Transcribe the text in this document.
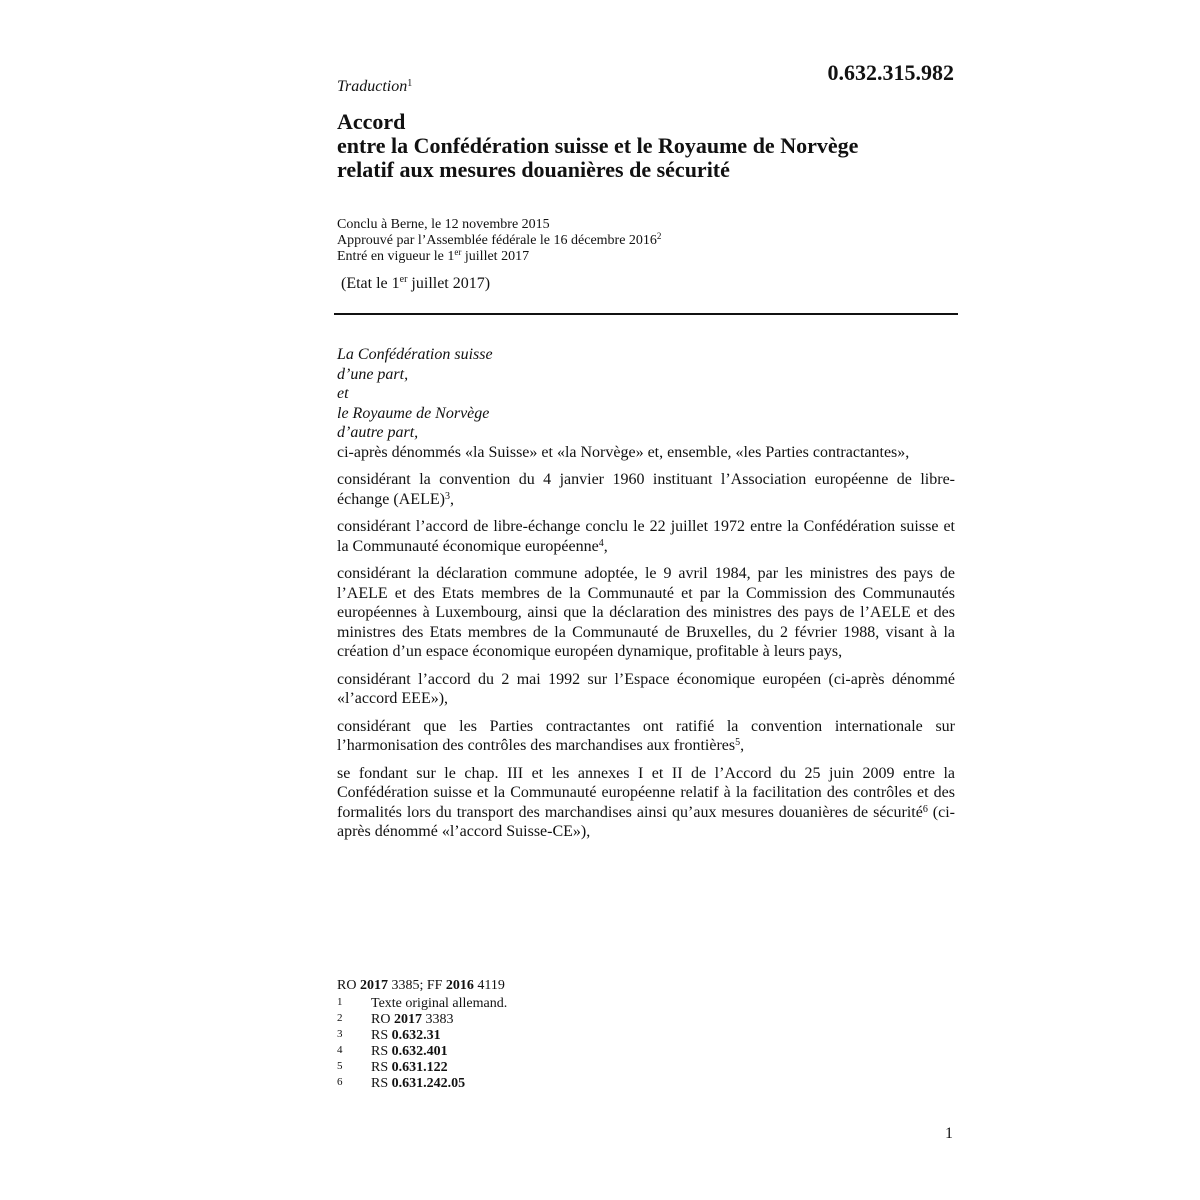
Traduction$^1$	0.632.315.982
Accord
entre la Confédération suisse et le Royaume de Norvège
relatif aux mesures douanières de sécurité
Conclu à Berne, le 12 novembre 2015
Approuvé par l’Assemblée fédérale le 16 décembre 2016$^2$
Entré en vigueur le 1er juillet 2017
(Etat le 1er juillet 2017)
La Confédération suisse
d’une part,
et
le Royaume de Norvège
d’autre part,

ci-après dénommés «la Suisse» et «la Norvège» et, ensemble, «les Parties contractantes»,

considérant la convention du 4 janvier 1960 instituant l’Association européenne de libre-échange (AELE)$^3$,

considérant l’accord de libre-échange conclu le 22 juillet 1972 entre la Confédération suisse et la Communauté économique européenne$^4$,

considérant la déclaration commune adoptée, le 9 avril 1984, par les ministres des pays de l’AELE et des Etats membres de la Communauté et par la Commission des Communautés européennes à Luxembourg, ainsi que la déclaration des ministres des pays de l’AELE et des ministres des Etats membres de la Communauté de Bruxelles, du 2 février 1988, visant à la création d’un espace économique européen dynamique, profitable à leurs pays,

considérant l’accord du 2 mai 1992 sur l’Espace économique européen (ci-après dénommé «l’accord EEE»),

considérant que les Parties contractantes ont ratifié la convention internationale sur l’harmonisation des contrôles des marchandises aux frontières$^5$,

se fondant sur le chap. III et les annexes I et II de l’Accord du 25 juin 2009 entre la Confédération suisse et la Communauté européenne relatif à la facilitation des contrôles et des formalités lors du transport des marchandises ainsi qu’aux mesures douanières de sécurité$^6$ (ci-après dénommé «l’accord Suisse-CE»),

RO 2017 3385; FF 2016 4119
1 Texte original allemand.
2 RO 2017 3383
3 RS 0.632.31
4 RS 0.632.401
5 RS 0.631.122
6 RS 0.631.242.05
1
